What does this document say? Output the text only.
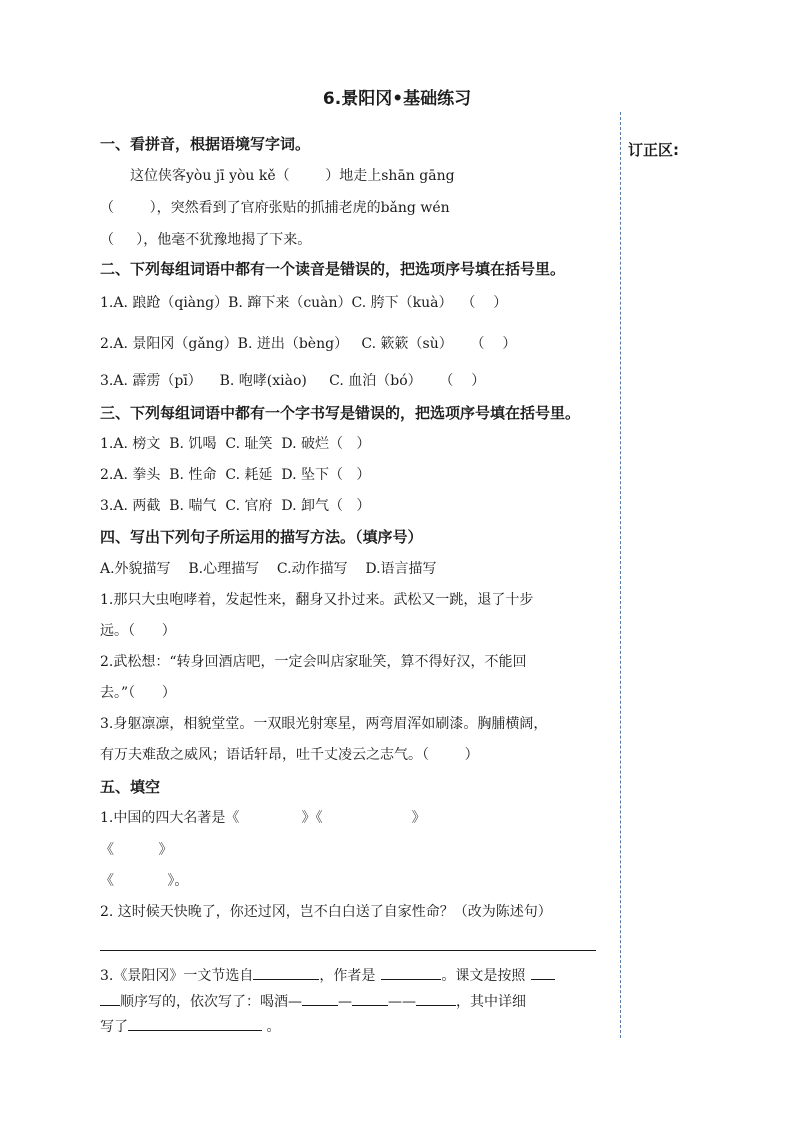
6.景阳冈•基础练习
订正区:
一、看拼音，根据语境写字词。
这位侠客yòu jī yòu kě（        ）地走上shān gāng
（        ），突然看到了官府张贴的抓捕老虎的bǎng wén
（     ），他毫不犹豫地揭了下来。
二、下列每组词语中都有一个读音是错误的，把选项序号填在括号里。
1.A. 踉跄（qiàng）B. 蹿下来（cuàn）C. 胯下（kuà）  （    ）
2.A. 景阳冈（gǎng）B. 迸出（bèng）   C. 簌簌（sù）    （    ）
3.A. 霹雳（pī）    B. 咆哮(xiào)     C. 血泊（bó）    （    ）
三、下列每组词语中都有一个字书写是错误的，把选项序号填在括号里。
1.A. 榜文  B. 饥喝  C. 耻笑  D. 破烂（   ）
2.A. 拳头  B. 性命  C. 耗延  D. 坠下（   ）
3.A. 两截  B. 喘气  C. 官府  D. 卸气（   ）
四、写出下列句子所运用的描写方法。（填序号）
A.外貌描写    B.心理描写    C.动作描写    D.语言描写
1.那只大虫咆哮着，发起性来，翻身又扑过来。武松又一跳，退了十步
远。（      ）
2.武松想：“转身回酒店吧，一定会叫店家耻笑，算不得好汉，不能回
去。”（      ）
3.身躯凛凛，相貌堂堂。一双眼光射寒星，两弯眉浑如刷漆。胸脯横阔，
有万夫难敌之威风；语话轩昂，吐千丈凌云之志气。（        ）
五、填空
1.中国的四大名著是《              》《                    》
《          》
《            》。
2. 这时候天快晚了，你还过冈，岂不白白送了自家性命？（改为陈述句）
3.《景阳冈》一文节选自	，作者是	。课文是按照
顺序写的，依次写了：喝酒—	—	——	，其中详细
写了	。
